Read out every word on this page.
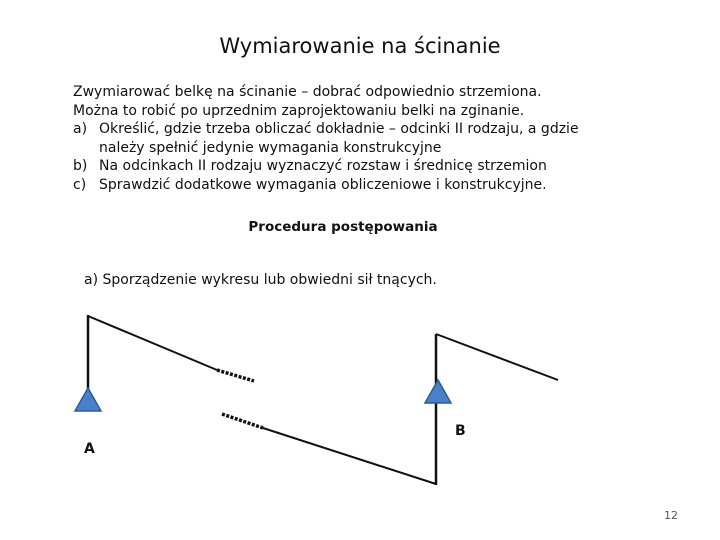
Wymiarowanie na ścinanie
Zwymiarować belkę na ścinanie – dobrać odpowiednio strzemiona.
Można to robić po uprzednim zaprojektowaniu belki na zginanie.
a) Określić, gdzie trzeba obliczać dokładnie – odcinki II rodzaju, a gdzie należy spełnić jedynie wymagania konstrukcyjne
b) Na odcinkach II rodzaju wyznaczyć rozstaw i średnicę strzemion
c) Sprawdzić dodatkowe wymagania obliczeniowe i konstrukcyjne.
Procedura postępowania
a) Sporządzenie wykresu lub obwiedni sił tnących.
A
B
12
